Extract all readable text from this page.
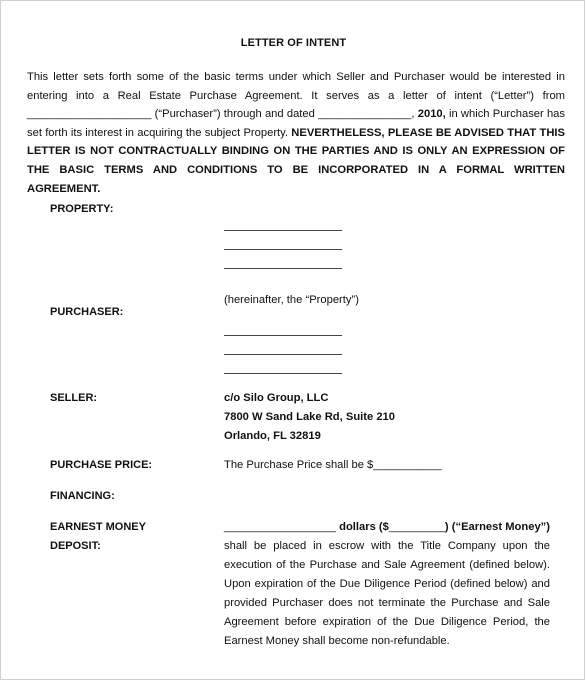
LETTER OF INTENT
This letter sets forth some of the basic terms under which Seller and Purchaser would be interested in entering into a Real Estate Purchase Agreement. It serves as a letter of intent (“Letter”) from ____________________ (“Purchaser”) through and dated _______________, 2010, in which Purchaser has set forth its interest in acquiring the subject Property. NEVERTHELESS, PLEASE BE ADVISED THAT THIS LETTER IS NOT CONTRACTUALLY BINDING ON THE PARTIES AND IS ONLY AN EXPRESSION OF THE BASIC TERMS AND CONDITIONS TO BE INCORPORATED IN A FORMAL WRITTEN AGREEMENT.
PROPERTY:
(hereinafter, the “Property”)
PURCHASER:
SELLER:	c/o Silo Group, LLC
7800 W Sand Lake Rd, Suite 210
Orlando, FL 32819
PURCHASE PRICE:	The Purchase Price shall be $___________
FINANCING:
EARNEST MONEY
DEPOSIT:
__________________ dollars ($_________) (“Earnest Money”) shall be placed in escrow with the Title Company upon the execution of the Purchase and Sale Agreement (defined below). Upon expiration of the Due Diligence Period (defined below) and provided Purchaser does not terminate the Purchase and Sale Agreement before expiration of the Due Diligence Period, the Earnest Money shall become non-refundable.
